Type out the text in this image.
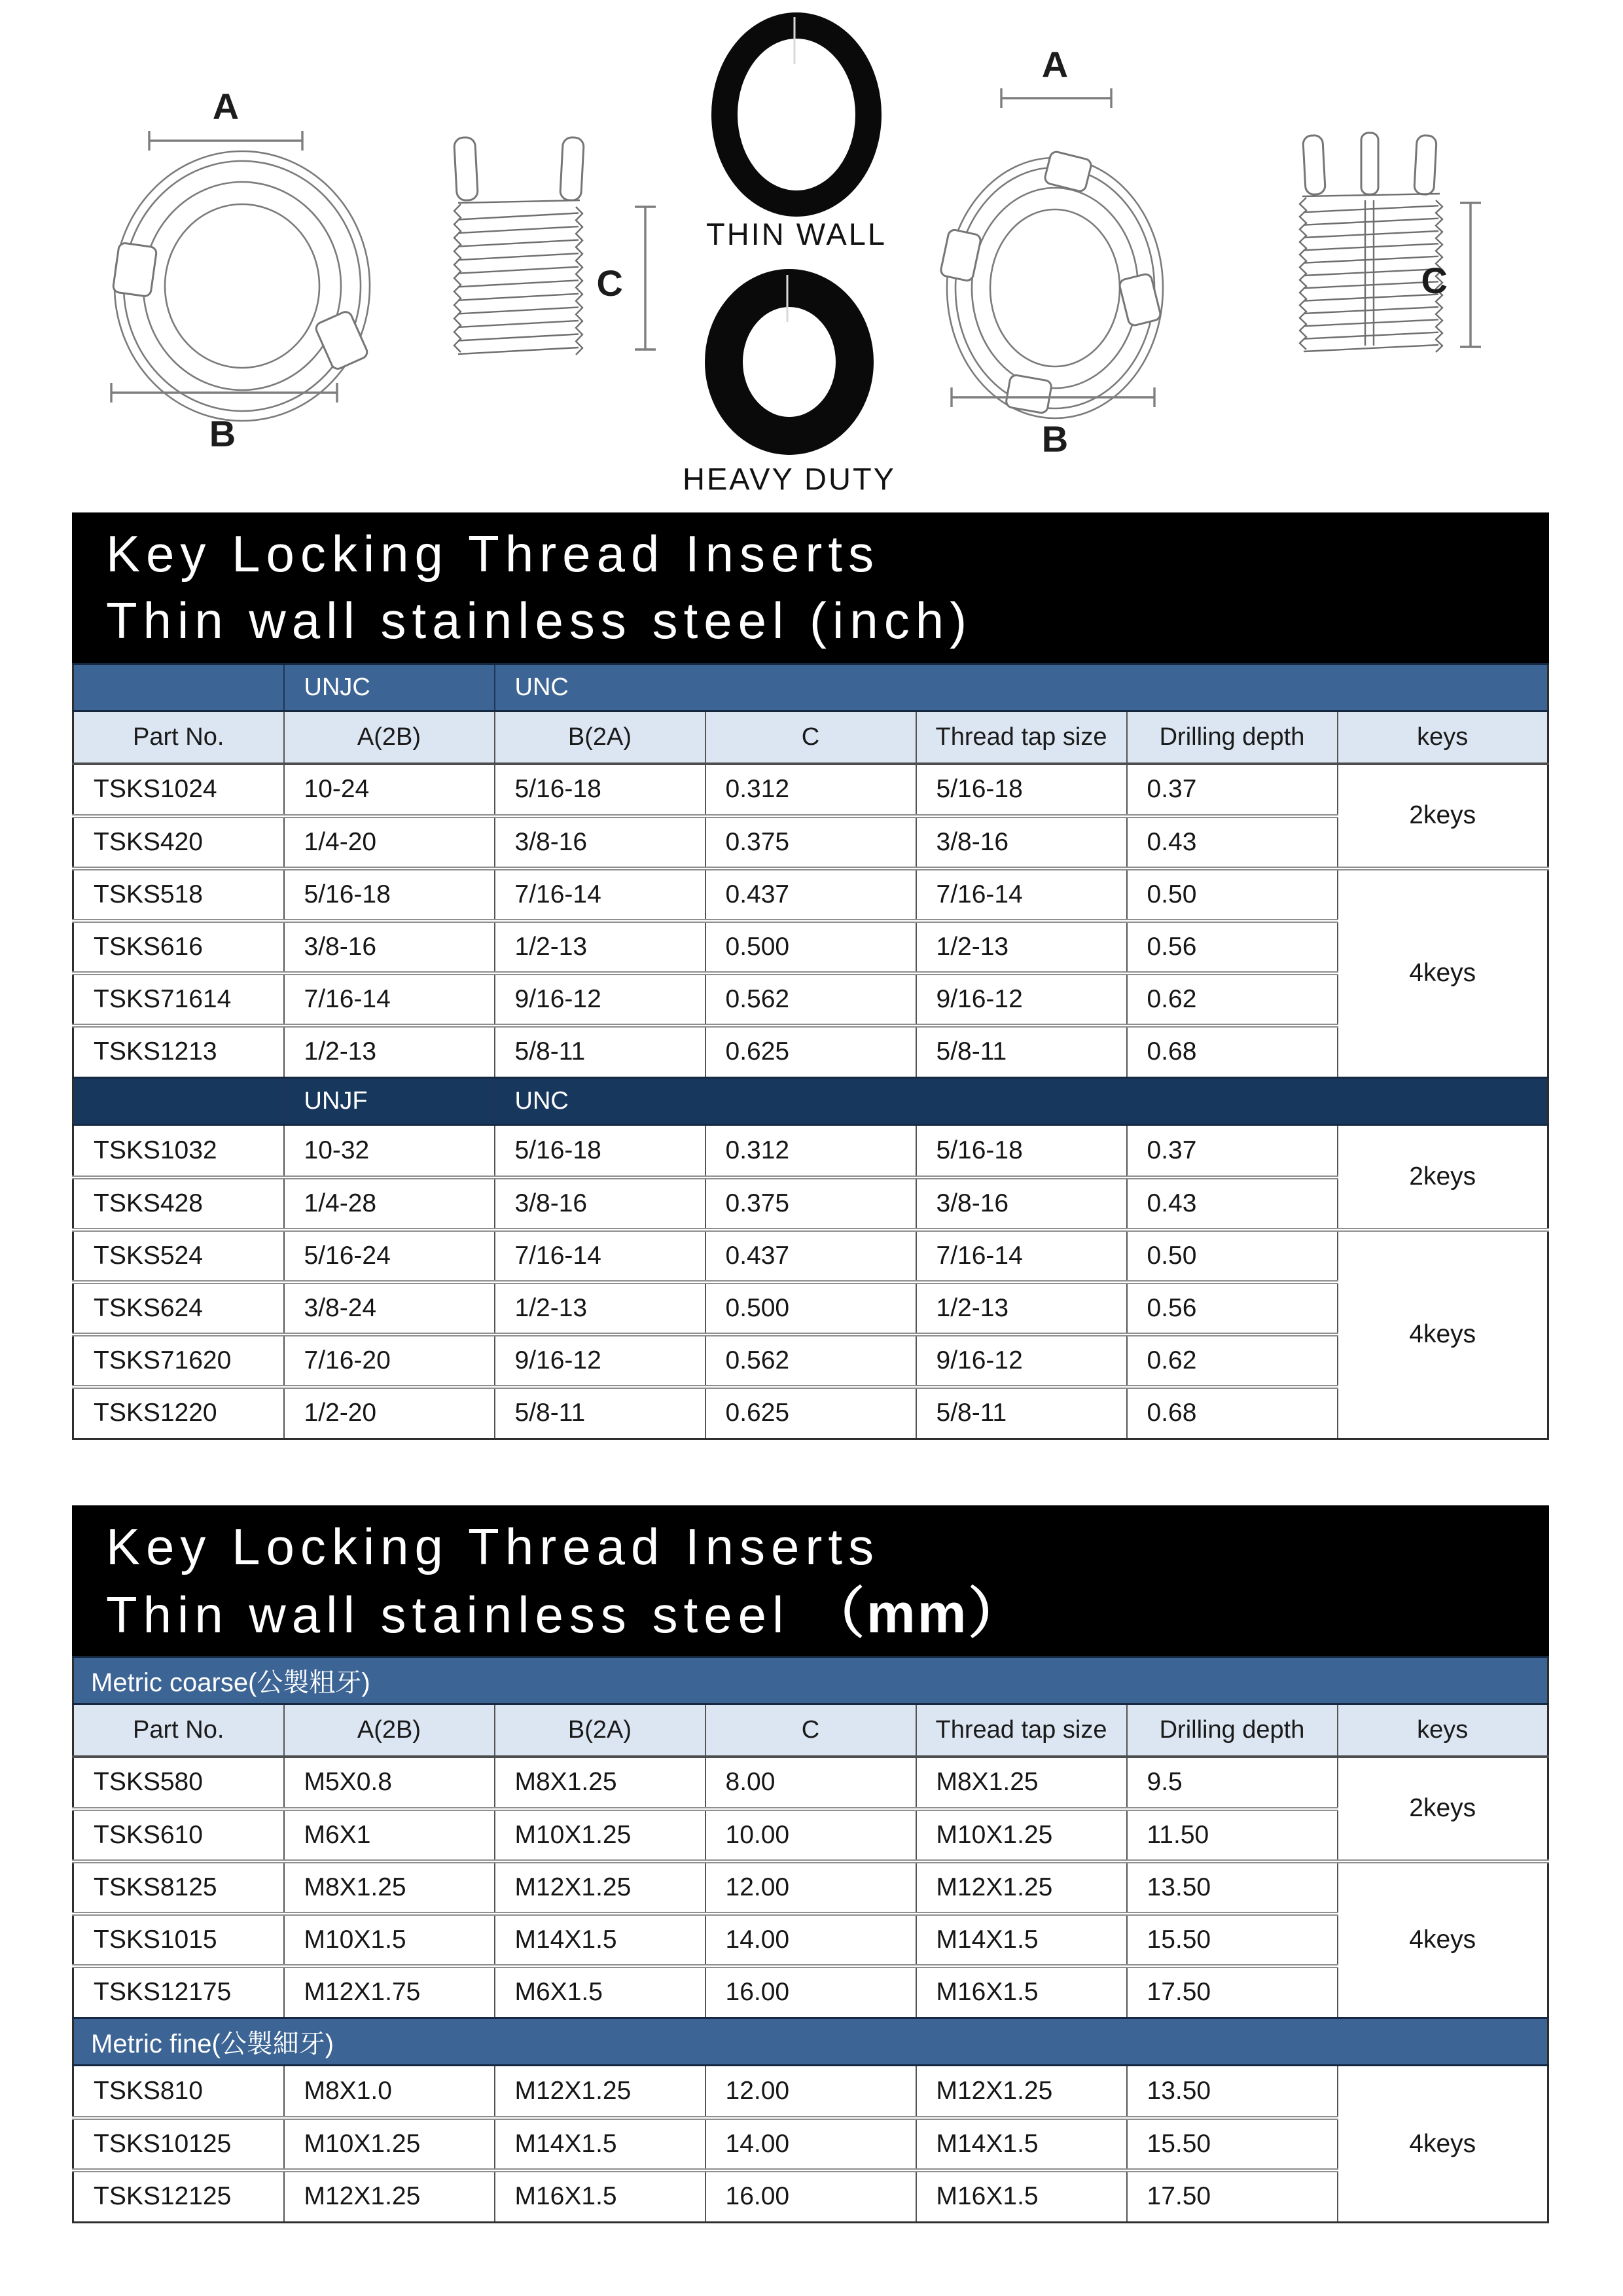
A
B
C
THIN WALL
HEAVY DUTY
A
B
C
Key Locking Thread Inserts
Thin wall stainless steel (inch)
	UNJC	UNC				
Part No.	A(2B)	B(2A)	C	Thread tap size	Drilling depth	keys
TSKS1024	10-24	5/16-18	0.312	5/16-18	0.37	2keys
TSKS420	1/4-20	3/8-16	0.375	3/8-16	0.43	
TSKS518	5/16-18	7/16-14	0.437	7/16-14	0.50	4keys
TSKS616	3/8-16	1/2-13	0.500	1/2-13	0.56	
TSKS71614	7/16-14	9/16-12	0.562	9/16-12	0.62	
TSKS1213	1/2-13	5/8-11	0.625	5/8-11	0.68	
	UNJF	UNC				
TSKS1032	10-32	5/16-18	0.312	5/16-18	0.37	2keys
TSKS428	1/4-28	3/8-16	0.375	3/8-16	0.43	
TSKS524	5/16-24	7/16-14	0.437	7/16-14	0.50	4keys
TSKS624	3/8-24	1/2-13	0.500	1/2-13	0.56	
TSKS71620	7/16-20	9/16-12	0.562	9/16-12	0.62	
TSKS1220	1/2-20	5/8-11	0.625	5/8-11	0.68	
Key Locking Thread Inserts
Thin wall stainless steel （mm）
Metric coarse(公製粗牙)						
Part No.	A(2B)	B(2A)	C	Thread tap size	Drilling depth	keys
TSKS580	M5X0.8	M8X1.25	8.00	M8X1.25	9.5	2keys
TSKS610	M6X1	M10X1.25	10.00	M10X1.25	11.50	
TSKS8125	M8X1.25	M12X1.25	12.00	M12X1.25	13.50	4keys
TSKS1015	M10X1.5	M14X1.5	14.00	M14X1.5	15.50	
TSKS12175	M12X1.75	M6X1.5	16.00	M16X1.5	17.50	
Metric fine(公製細牙)						
TSKS810	M8X1.0	M12X1.25	12.00	M12X1.25	13.50	4keys
TSKS10125	M10X1.25	M14X1.5	14.00	M14X1.5	15.50	
TSKS12125	M12X1.25	M16X1.5	16.00	M16X1.5	17.50	
